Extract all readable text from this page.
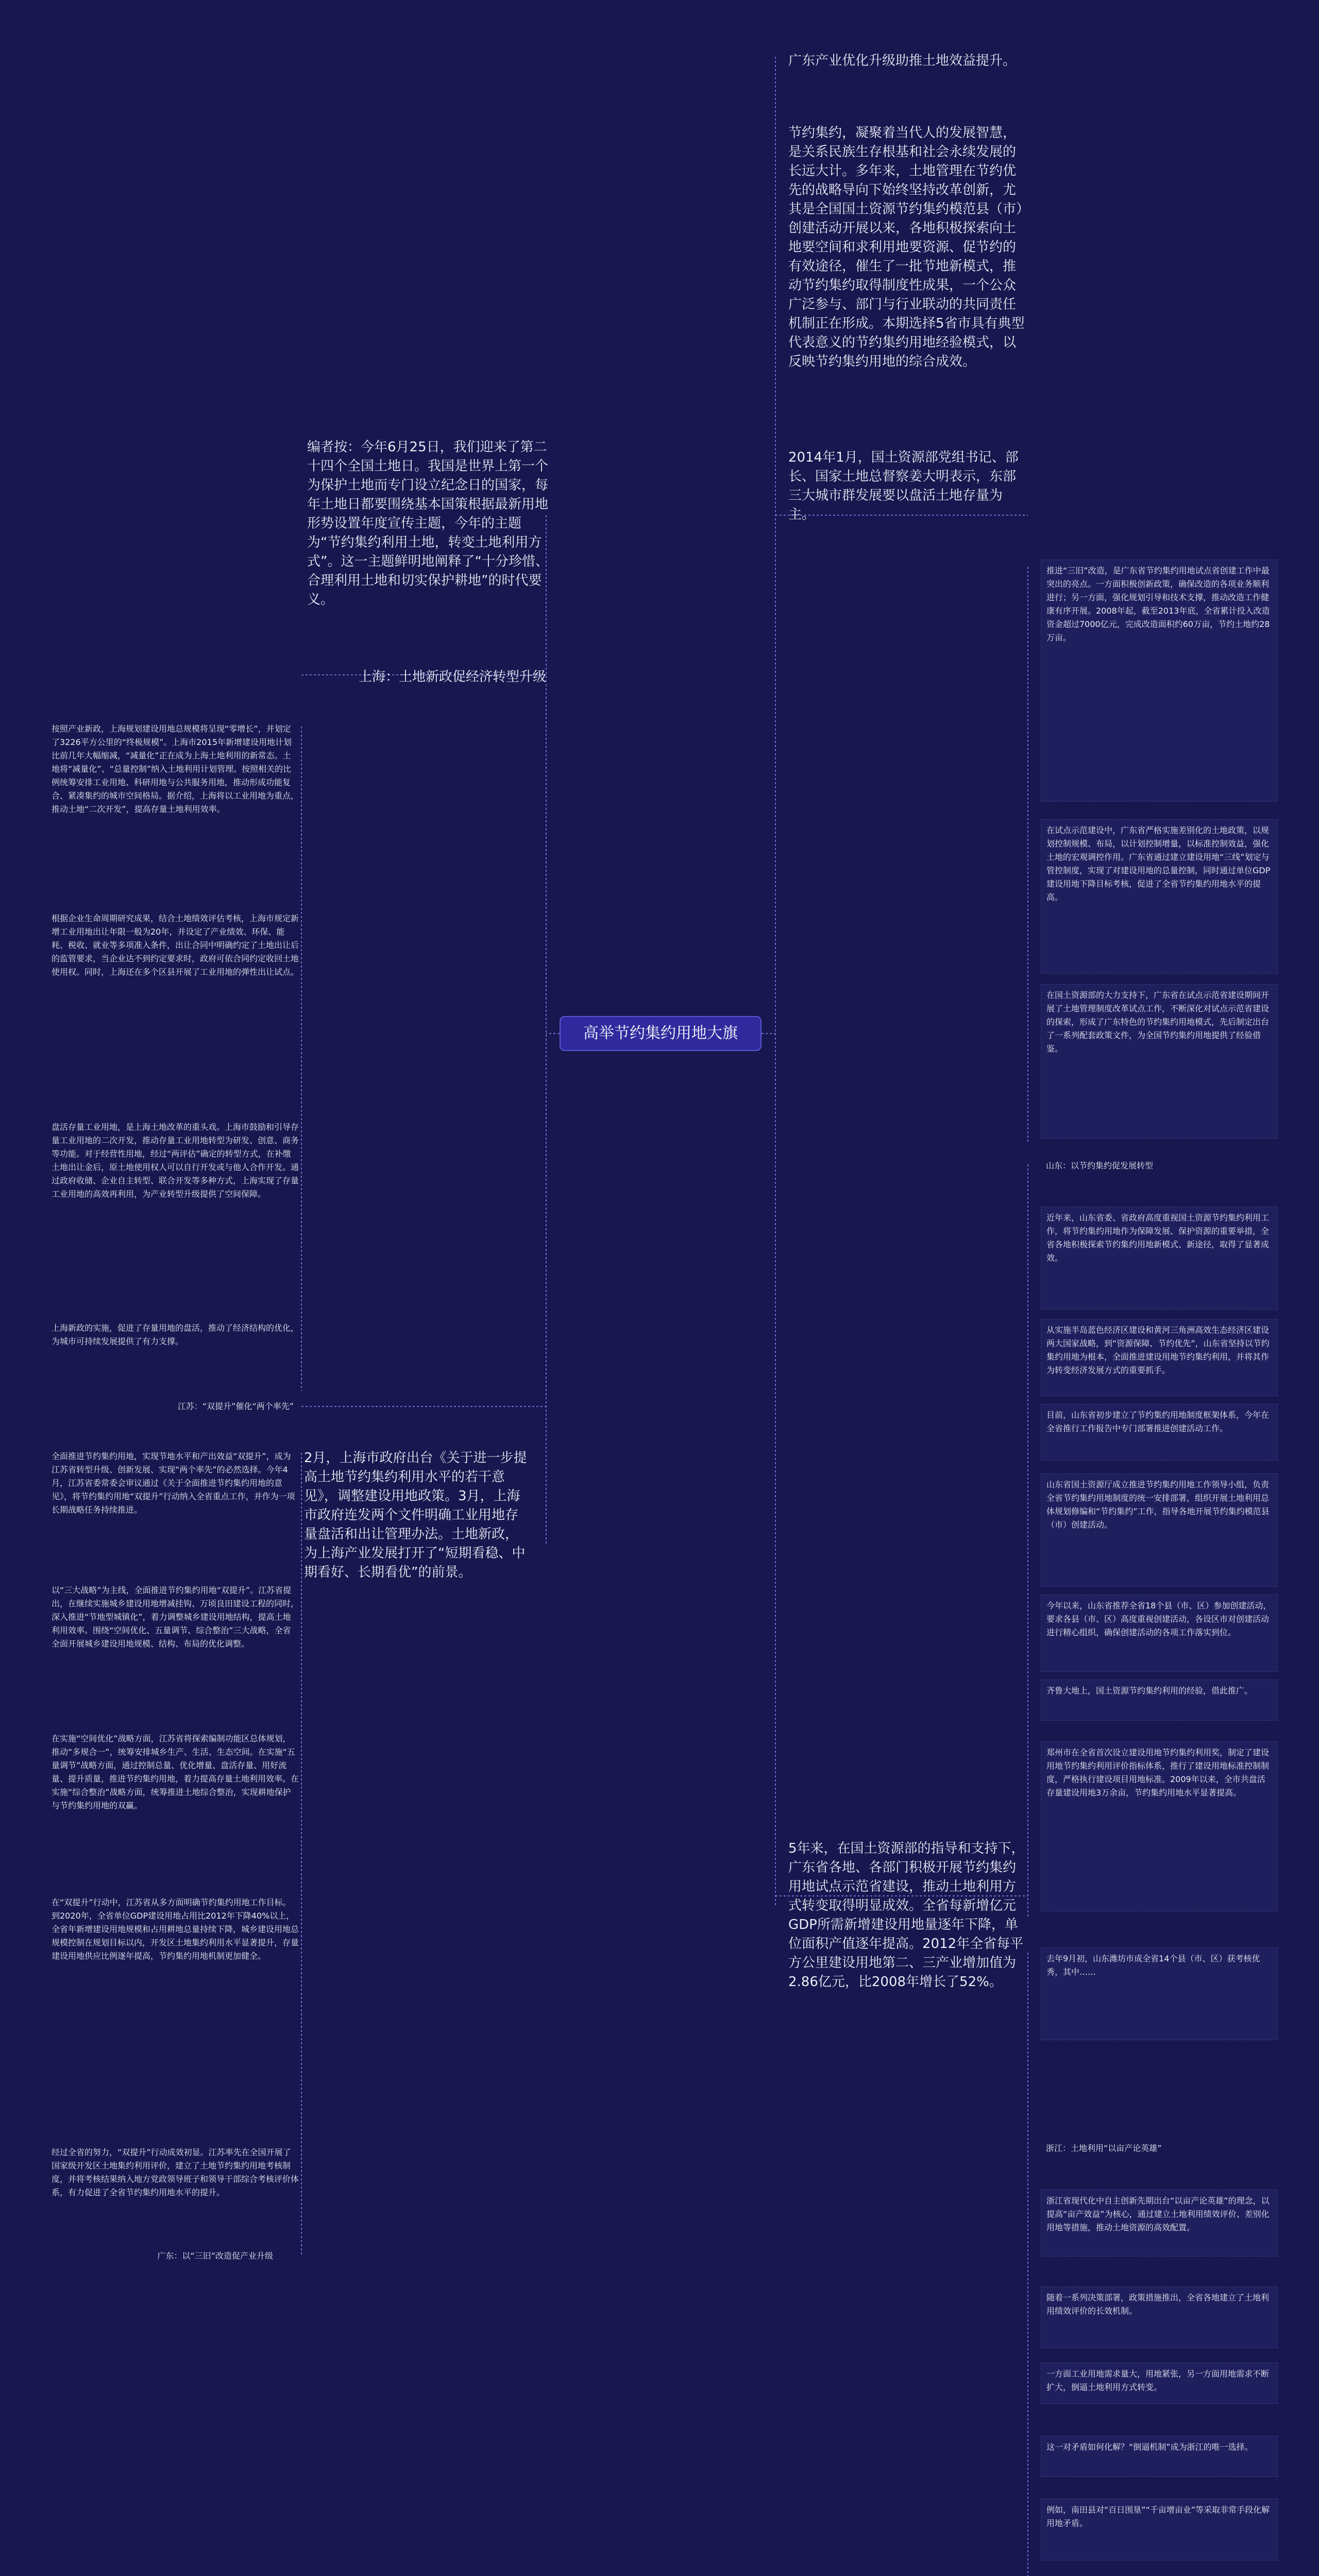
高举节约集约用地大旗
编者按：今年6月25日，我们迎来了第二十四个全国土地日。我国是世界上第一个为保护土地而专门设立纪念日的国家，每年土地日都要围绕基本国策根据最新用地形势设置年度宣传主题，今年的主题为“节约集约利用土地，转变土地利用方式”。这一主题鲜明地阐释了“十分珍惜、合理利用土地和切实保护耕地”的时代要义。
上海：土地新政促经济转型升级
按照产业新政，上海规划建设用地总规模将呈现“零增长”，并划定了3226平方公里的“终极规模”。上海市2015年新增建设用地计划比前几年大幅缩减，“减量化”正在成为上海土地利用的新常态。土地将“减量化”、“总量控制”纳入土地利用计划管理。按照相关的比例统筹安排工业用地、科研用地与公共服务用地，推动形成功能复合、紧凑集约的城市空间格局。据介绍，上海将以工业用地为重点，推动土地“二次开发”，提高存量土地利用效率。
根据企业生命周期研究成果，结合土地绩效评估考核，上海市规定新增工业用地出让年限一般为20年，并设定了产业绩效、环保、能耗、税收、就业等多项准入条件，出让合同中明确约定了土地出让后的监管要求，当企业达不到约定要求时，政府可依合同约定收回土地使用权。同时，上海还在多个区县开展了工业用地的弹性出让试点。
盘活存量工业用地，是上海土地改革的重头戏。上海市鼓励和引导存量工业用地的二次开发，推动存量工业用地转型为研发、创意、商务等功能。对于经营性用地，经过“两评估”确定的转型方式，在补缴土地出让金后，原土地使用权人可以自行开发或与他人合作开发。通过政府收储、企业自主转型、联合开发等多种方式，上海实现了存量工业用地的高效再利用，为产业转型升级提供了空间保障。
上海新政的实施，促进了存量用地的盘活，推动了经济结构的优化，为城市可持续发展提供了有力支撑。
江苏：“双提升”催化“两个率先”
全面推进节约集约用地，实现节地水平和产出效益“双提升”，成为江苏省转型升级、创新发展、实现“两个率先”的必然选择。今年4月，江苏省委常委会审议通过《关于全面推进节约集约用地的意见》，将节约集约用地“双提升”行动纳入全省重点工作，并作为一项长期战略任务持续推进。
以“三大战略”为主线，全面推进节约集约用地“双提升”。江苏省提出，在继续实施城乡建设用地增减挂钩、万顷良田建设工程的同时，深入推进“节地型城镇化”，着力调整城乡建设用地结构，提高土地利用效率。围绕“空间优化、五量调节、综合整治”三大战略，全省全面开展城乡建设用地规模、结构、布局的优化调整。
在实施“空间优化”战略方面，江苏省将探索编制功能区总体规划，推动“多规合一”，统筹安排城乡生产、生活、生态空间。在实施“五量调节”战略方面，通过控制总量、优化增量、盘活存量、用好流量、提升质量，推进节约集约用地，着力提高存量土地利用效率。在实施“综合整治”战略方面，统筹推进土地综合整治，实现耕地保护与节约集约用地的双赢。
在“双提升”行动中，江苏省从多方面明确节约集约用地工作目标。到2020年，全省单位GDP建设用地占用比2012年下降40%以上，全省年新增建设用地规模和占用耕地总量持续下降，城乡建设用地总规模控制在规划目标以内，开发区土地集约利用水平显著提升，存量建设用地供应比例逐年提高，节约集约用地机制更加健全。
经过全省的努力，“双提升”行动成效初显。江苏率先在全国开展了国家级开发区土地集约利用评价，建立了土地节约集约用地考核制度，并将考核结果纳入地方党政领导班子和领导干部综合考核评价体系，有力促进了全省节约集约用地水平的提升。
2月，上海市政府出台《关于进一步提高土地节约集约利用水平的若干意见》，调整建设用地政策。3月，上海市政府连发两个文件明确工业用地存量盘活和出让管理办法。土地新政，为上海产业发展打开了“短期看稳、中期看好、长期看优”的前景。
广东：以“三旧”改造促产业升级
广东产业优化升级助推土地效益提升。
节约集约，凝聚着当代人的发展智慧，是关系民族生存根基和社会永续发展的长远大计。多年来，土地管理在节约优先的战略导向下始终坚持改革创新，尤其是全国国土资源节约集约模范县（市）创建活动开展以来，各地积极探索向土地要空间和求利用地要资源、促节约的有效途径，催生了一批节地新模式，推动节约集约取得制度性成果，一个公众广泛参与、部门与行业联动的共同责任机制正在形成。本期选择5省市具有典型代表意义的节约集约用地经验模式，以反映节约集约用地的综合成效。
2014年1月，国土资源部党组书记、部长、国家土地总督察姜大明表示，东部三大城市群发展要以盘活土地存量为主。
推进“三旧”改造，是广东省节约集约用地试点省创建工作中最突出的亮点。一方面积极创新政策，确保改造的各项业务顺利进行；另一方面，强化规划引导和技术支撑，推动改造工作健康有序开展。2008年起，截至2013年底，全省累计投入改造资金超过7000亿元，完成改造面积约60万亩，节约土地约28万亩。
在试点示范建设中，广东省严格实施差别化的土地政策，以规划控制规模、布局，以计划控制增量，以标准控制效益，强化土地的宏观调控作用。广东省通过建立建设用地“三线”划定与管控制度，实现了对建设用地的总量控制，同时通过单位GDP建设用地下降目标考核，促进了全省节约集约用地水平的提高。
在国土资源部的大力支持下，广东省在试点示范省建设期间开展了土地管理制度改革试点工作，不断深化对试点示范省建设的探索，形成了广东特色的节约集约用地模式，先后制定出台了一系列配套政策文件，为全国节约集约用地提供了经验借鉴。
山东：以节约集约促发展转型
近年来，山东省委、省政府高度重视国土资源节约集约利用工作，将节约集约用地作为保障发展、保护资源的重要举措，全省各地积极探索节约集约用地新模式、新途径，取得了显著成效。
从实施半岛蓝色经济区建设和黄河三角洲高效生态经济区建设两大国家战略，到“资源保障、节约优先”，山东省坚持以节约集约用地为根本，全面推进建设用地节约集约利用，并将其作为转变经济发展方式的重要抓手。
目前，山东省初步建立了节约集约用地制度框架体系，今年在全省推行工作报告中专门部署推进创建活动工作。
山东省国土资源厅成立推进节约集约用地工作领导小组，负责全省节约集约用地制度的统一安排部署，组织开展土地利用总体规划修编和“节约集约”工作，指导各地开展节约集约模范县（市）创建活动。
今年以来，山东省推荐全省18个县（市、区）参加创建活动，要求各县（市、区）高度重视创建活动，各设区市对创建活动进行精心组织，确保创建活动的各项工作落实到位。
齐鲁大地上，国土资源节约集约利用的经验，借此推广。
郑州市在全省首次设立建设用地节约集约利用奖，制定了建设用地节约集约利用评价指标体系，推行了建设用地标准控制制度，严格执行建设项目用地标准。2009年以来，全市共盘活存量建设用地3万余亩，节约集约用地水平显著提高。
5年来，在国土资源部的指导和支持下，广东省各地、各部门积极开展节约集约用地试点示范省建设，推动土地利用方式转变取得明显成效。全省每新增亿元GDP所需新增建设用地量逐年下降，单位面积产值逐年提高。2012年全省每平方公里建设用地第二、三产业增加值为2.86亿元，比2008年增长了52%。
去年9月初，山东潍坊市成全省14个县（市、区）获考核优秀，其中……
浙江：土地利用“以亩产论英雄”
浙江省现代化中自主创新先期出台“以亩产论英雄”的理念，以提高“亩产效益”为核心，通过建立土地利用绩效评价、差别化用地等措施，推动土地资源的高效配置。
随着一系列决策部署，政策措施推出，全省各地建立了土地利用绩效评价的长效机制。
一方面工业用地需求量大，用地紧张，另一方面用地需求不断扩大，倒逼土地利用方式转变。
这一对矛盾如何化解？“倒逼机制”成为浙江的唯一选择。
例如，南田县对“百日围垦”“千亩增亩业”等采取非常手段化解用地矛盾。
